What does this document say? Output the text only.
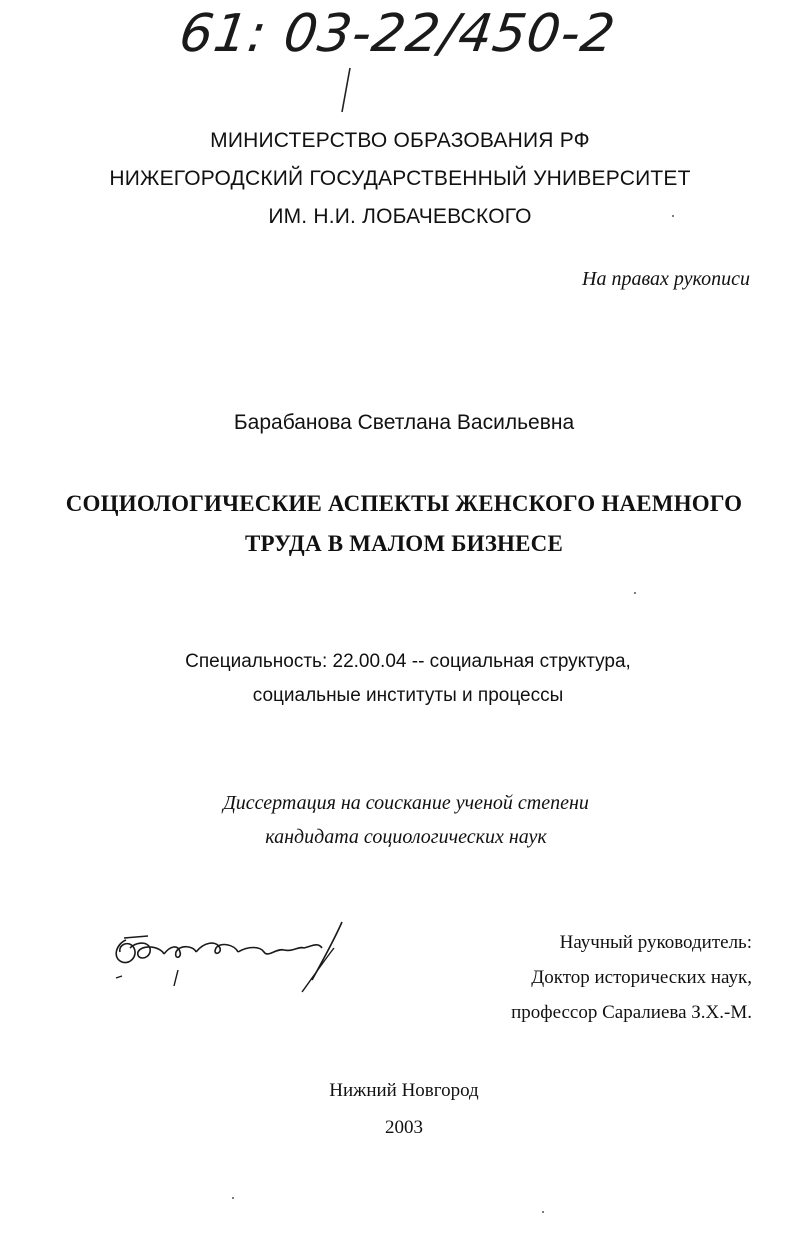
61: 03-22/450-2
МИНИСТЕРСТВО ОБРАЗОВАНИЯ РФ
НИЖЕГОРОДСКИЙ ГОСУДАРСТВЕННЫЙ УНИВЕРСИТЕТ
ИМ. Н.И. ЛОБАЧЕВСКОГО
На правах рукописи
Барабанова Светлана Васильевна
СОЦИОЛОГИЧЕСКИЕ АСПЕКТЫ ЖЕНСКОГО НАЕМНОГО
ТРУДА В МАЛОМ БИЗНЕСЕ
Специальность: 22.00.04 -- социальная структура,
социальные институты и процессы
Диссертация на соискание ученой степени
кандидата социологических наук
Научный руководитель:
Доктор исторических наук,
профессор Саралиева З.Х.-М.
Нижний Новгород
2003
